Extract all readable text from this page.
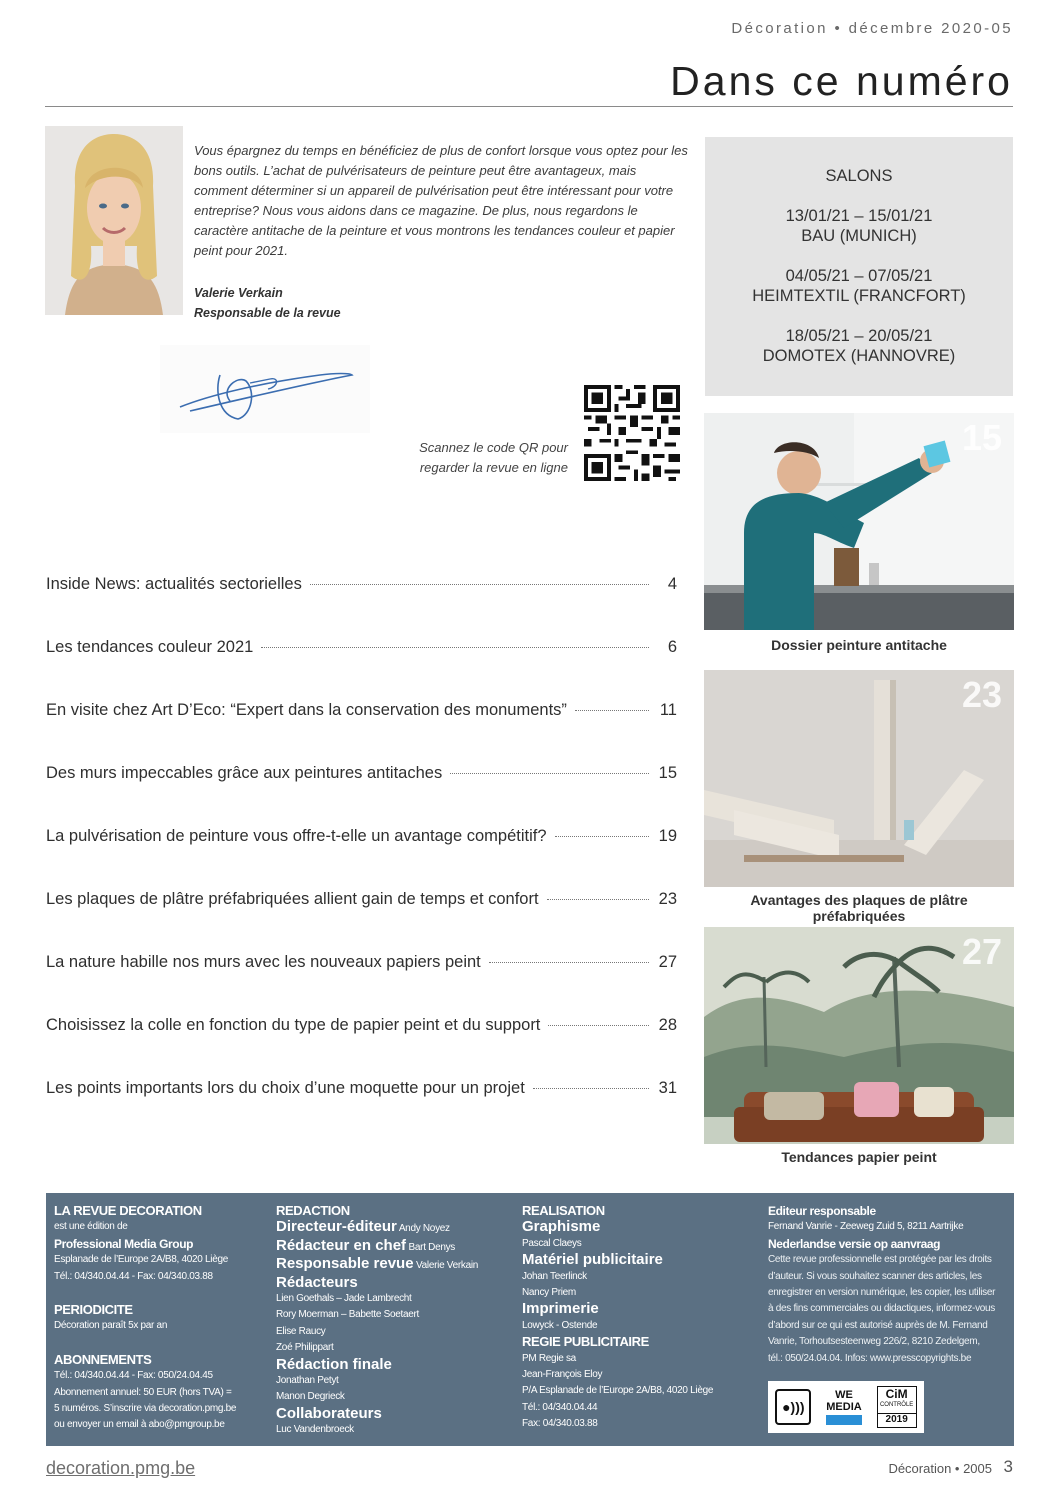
Décoration • décembre 2020-05
Dans ce numéro
Vous épargnez du temps en bénéficiez de plus de confort lorsque vous optez pour les bons outils. L’achat de pulvérisateurs de peinture peut être avantageux, mais comment déterminer si un appareil de pulvérisation peut être intéressant pour votre entreprise? Nous vous aidons dans ce magazine. De plus, nous regardons le caractère antitache de la peinture et vous montrons les tendances couleur et papier peint pour 2021.
Valerie Verkain
Responsable de la revue
Scannez le code QR pour
regarder la revue en ligne
SALONS
13/01/21 – 15/01/21
BAU (MUNICH)
04/05/21 – 07/05/21
HEIMTEXTIL (FRANCFORT)
18/05/21 – 20/05/21
DOMOTEX (HANNOVRE)
15
Dossier peinture antitache
23
Avantages des plaques de plâtre préfabriquées
27
Tendances papier peint
Inside News: actualités sectorielles	4
Les tendances couleur 2021	6
En visite chez Art D’Eco: “Expert dans la conservation des monuments”	11
Des murs impeccables grâce aux peintures antitaches	15
La pulvérisation de peinture vous offre-t-elle un avantage compétitif?	19
Les plaques de plâtre préfabriquées allient gain de temps et confort	23
La nature habille nos murs avec les nouveaux papiers peint	27
Choisissez la colle en fonction du type de papier peint et du support	28
Les points importants lors du choix d’une moquette pour un projet	31
LA REVUE DECORATION
est une édition de
Professional Media Group
Esplanade de l’Europe 2A/B8, 4020 Liège
Tél.: 04/340.04.44 - Fax: 04/340.03.88
PERIODICITE
Décoration paraît 5x par an
ABONNEMENTS
Tél.: 04/340.04.44 - Fax: 050/24.04.45
Abonnement annuel: 50 EUR (hors TVA) =
5 numéros. S’inscrire via decoration.pmg.be
ou envoyer un email à abo@pmgroup.be
REDACTION
Directeur-éditeur Andy Noyez
Rédacteur en chef Bart Denys
Responsable revue Valerie Verkain
Rédacteurs
Lien Goethals – Jade Lambrecht
Rory Moerman – Babette Soetaert
Elise Raucy
Zoé Philippart
Rédaction finale
Jonathan Petyt
Manon Degrieck
Collaborateurs
Luc Vandenbroeck
REALISATION
Graphisme
Pascal Claeys
Matériel publicitaire
Johan Teerlinck
Nancy Priem
Imprimerie
Lowyck - Ostende
REGIE PUBLICITAIRE
PM Regie sa
Jean-François Eloy
P/A Esplanade de l’Europe 2A/B8, 4020 Liège
Tél.: 04/340.04.44
Fax: 04/340.03.88
Editeur responsable
Fernand Vanrie - Zeeweg Zuid 5, 8211 Aartrijke
Nederlandse versie op aanvraag
Cette revue professionnelle est protégée par les droits
d’auteur. Si vous souhaitez scanner des articles, les
enregistrer en version numérique, les copier, les utiliser
à des fins commerciales ou didactiques, informez-vous
d’abord sur ce qui est autorisé auprès de M. Fernand
Vanrie, Torhoutsesteenweg 226/2, 8210 Zedelgem,
tél.: 050/24.04.04. Infos: www.presscopyrights.be
●)))
WE
MEDIA
CiM
CONTRÔLE
2019
decoration.pmg.be	Décoration • 2005 3
